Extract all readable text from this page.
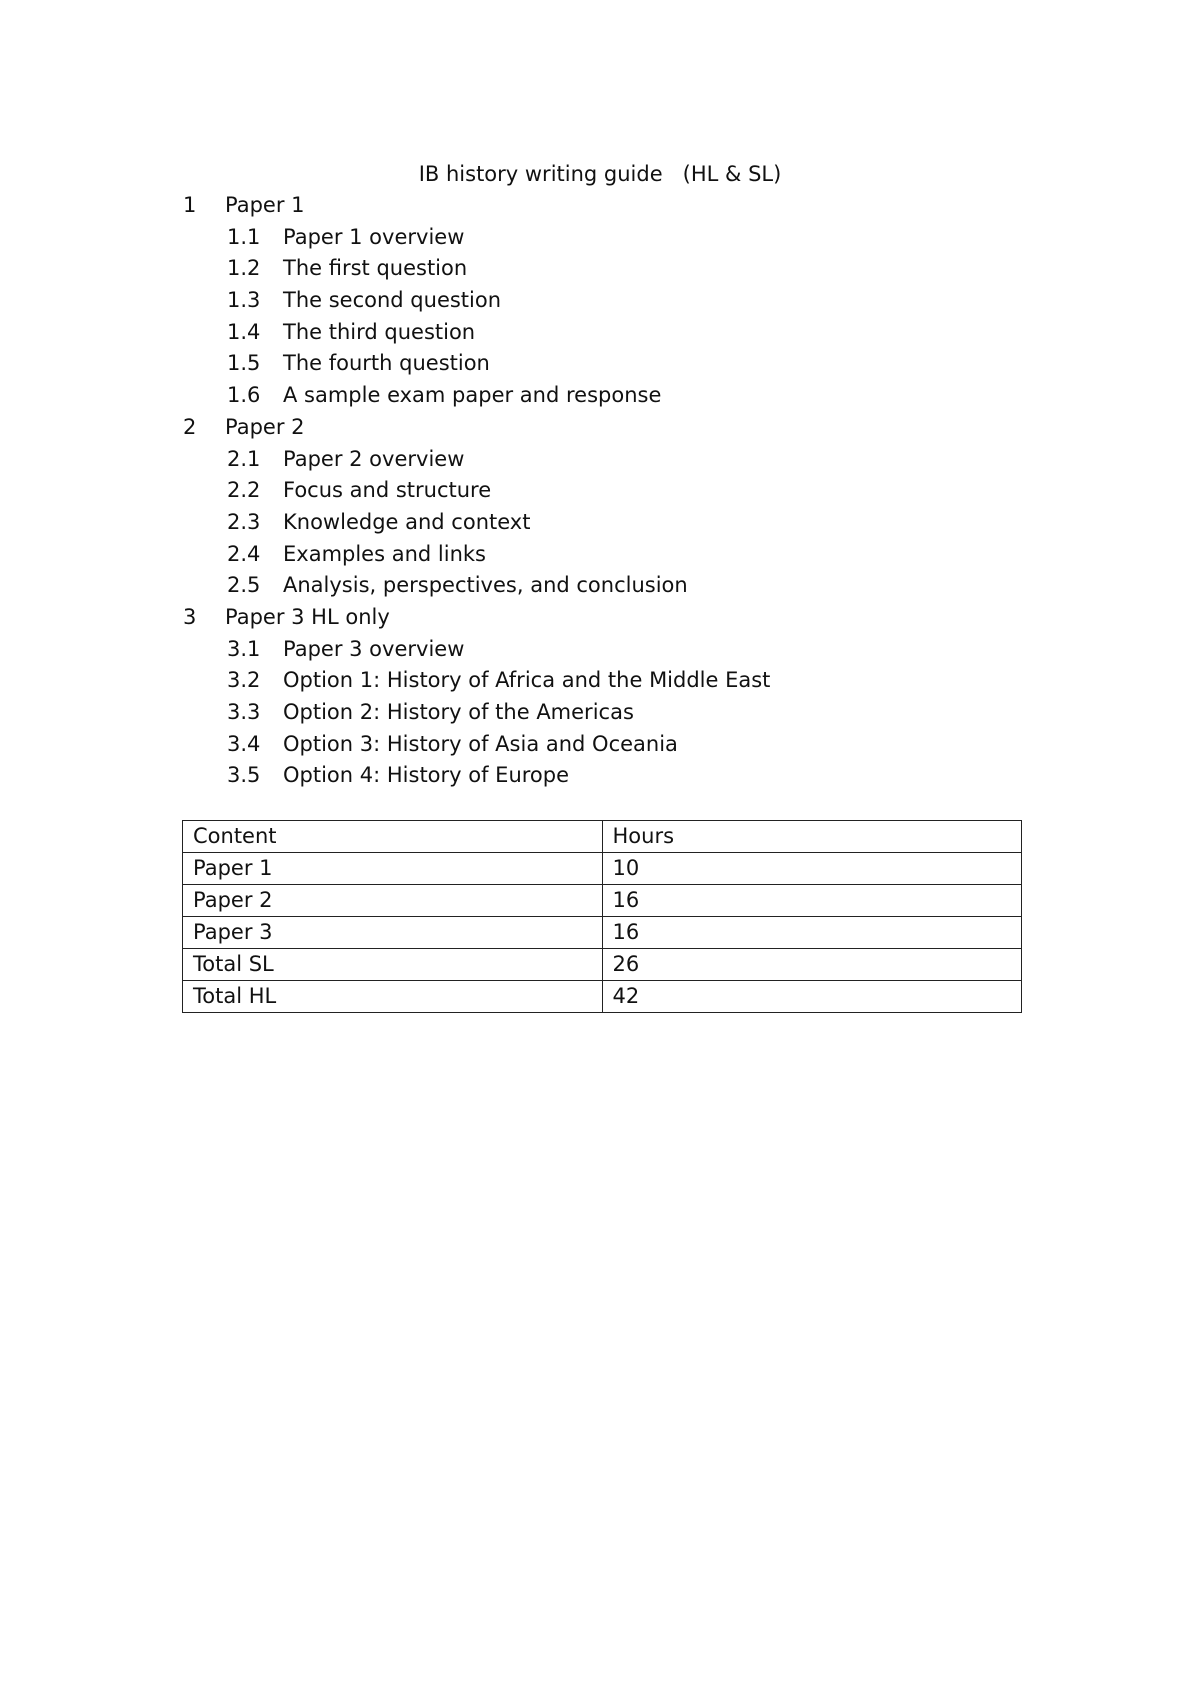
IB history writing guide   (HL & SL)
1 Paper 1
1.1 Paper 1 overview
1.2 The first question
1.3 The second question
1.4 The third question
1.5 The fourth question
1.6 A sample exam paper and response
2 Paper 2
2.1 Paper 2 overview
2.2 Focus and structure
2.3 Knowledge and context
2.4 Examples and links
2.5 Analysis, perspectives, and conclusion
3 Paper 3 HL only
3.1 Paper 3 overview
3.2 Option 1: History of Africa and the Middle East
3.3 Option 2: History of the Americas
3.4 Option 3: History of Asia and Oceania
3.5 Option 4: History of Europe
Content	Hours
Paper 1	10
Paper 2	16
Paper 3	16
Total SL	26
Total HL	42
